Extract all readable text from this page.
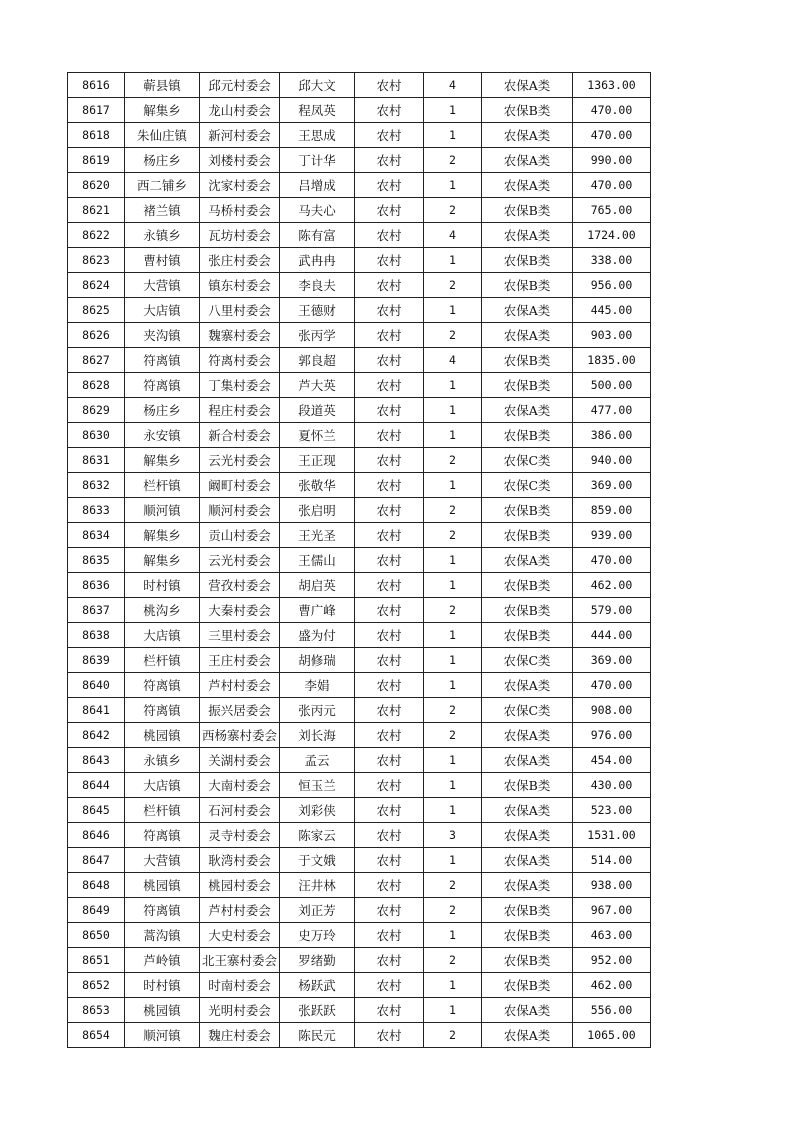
8616	蕲县镇	邱元村委会	邱大文	农村	4	农保A类	1363.00
8617	解集乡	龙山村委会	程凤英	农村	1	农保B类	470.00
8618	朱仙庄镇	新河村委会	王思成	农村	1	农保A类	470.00
8619	杨庄乡	刘楼村委会	丁计华	农村	2	农保A类	990.00
8620	西二铺乡	沈家村委会	吕增成	农村	1	农保A类	470.00
8621	褚兰镇	马桥村委会	马夫心	农村	2	农保B类	765.00
8622	永镇乡	瓦坊村委会	陈有富	农村	4	农保A类	1724.00
8623	曹村镇	张庄村委会	武冉冉	农村	1	农保B类	338.00
8624	大营镇	镇东村委会	李良夫	农村	2	农保B类	956.00
8625	大店镇	八里村委会	王德财	农村	1	农保A类	445.00
8626	夹沟镇	魏寨村委会	张丙学	农村	2	农保A类	903.00
8627	符离镇	符离村委会	郭良超	农村	4	农保B类	1835.00
8628	符离镇	丁集村委会	芦大英	农村	1	农保B类	500.00
8629	杨庄乡	程庄村委会	段道英	农村	1	农保A类	477.00
8630	永安镇	新合村委会	夏怀兰	农村	1	农保B类	386.00
8631	解集乡	云光村委会	王正现	农村	2	农保C类	940.00
8632	栏杆镇	阚町村委会	张敬华	农村	1	农保C类	369.00
8633	顺河镇	顺河村委会	张启明	农村	2	农保B类	859.00
8634	解集乡	贡山村委会	王光圣	农村	2	农保B类	939.00
8635	解集乡	云光村委会	王儒山	农村	1	农保A类	470.00
8636	时村镇	营孜村委会	胡启英	农村	1	农保B类	462.00
8637	桃沟乡	大秦村委会	曹广峰	农村	2	农保B类	579.00
8638	大店镇	三里村委会	盛为付	农村	1	农保B类	444.00
8639	栏杆镇	王庄村委会	胡修瑞	农村	1	农保C类	369.00
8640	符离镇	芦村村委会	李娟	农村	1	农保A类	470.00
8641	符离镇	振兴居委会	张丙元	农村	2	农保C类	908.00
8642	桃园镇	西杨寨村委会	刘长海	农村	2	农保A类	976.00
8643	永镇乡	关湖村委会	孟云	农村	1	农保A类	454.00
8644	大店镇	大南村委会	恒玉兰	农村	1	农保B类	430.00
8645	栏杆镇	石河村委会	刘彩侠	农村	1	农保A类	523.00
8646	符离镇	灵寺村委会	陈家云	农村	3	农保A类	1531.00
8647	大营镇	耿湾村委会	于文娥	农村	1	农保A类	514.00
8648	桃园镇	桃园村委会	汪井林	农村	2	农保A类	938.00
8649	符离镇	芦村村委会	刘正芳	农村	2	农保B类	967.00
8650	蒿沟镇	大史村委会	史万玲	农村	1	农保B类	463.00
8651	芦岭镇	北王寨村委会	罗绪勤	农村	2	农保B类	952.00
8652	时村镇	时南村委会	杨跃武	农村	1	农保B类	462.00
8653	桃园镇	光明村委会	张跃跃	农村	1	农保A类	556.00
8654	顺河镇	魏庄村委会	陈民元	农村	2	农保A类	1065.00
